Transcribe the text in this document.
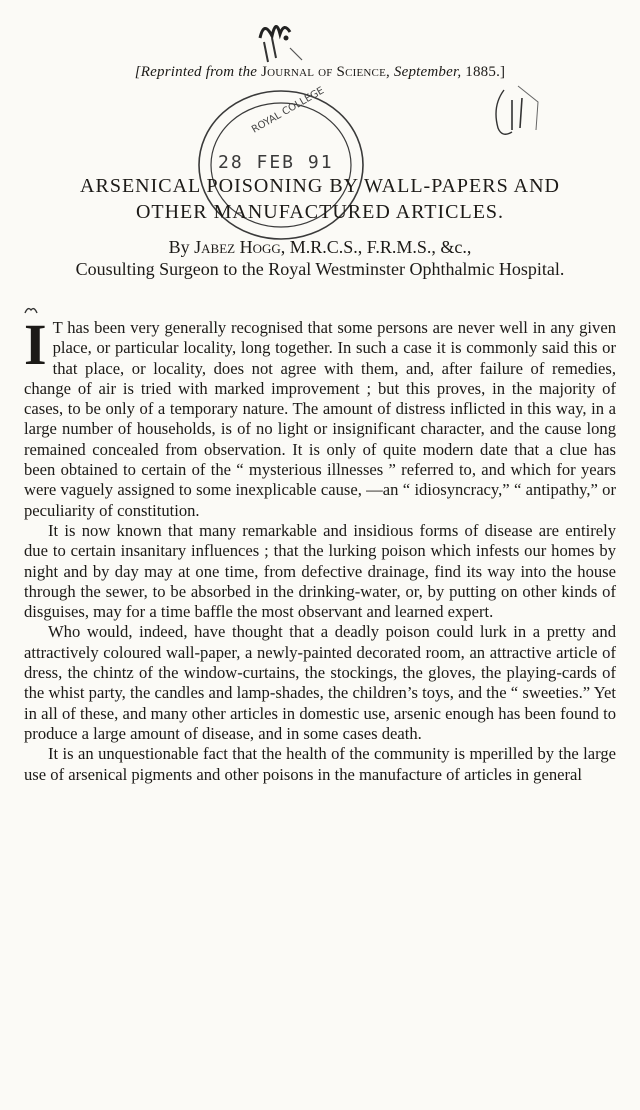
[Reprinted from the Journal of Science, September, 1885.]
ROYAL COLLEGE
28 FEB 91
ARSENICAL POISONING BY WALL-PAPERS AND
OTHER MANUFACTURED ARTICLES.
By Jabez Hogg, M.R.C.S., F.R.M.S., &c.,
Cousulting Surgeon to the Royal Westminster Ophthalmic Hospital.

I T has been very generally recognised that some persons are never well in any given place, or particular locality, long together. In such a case it is commonly said this or that place, or locality, does not agree with them, and, after failure of remedies, change of air is tried with marked improvement ; but this proves, in the majority of cases, to be only of a temporary nature. The amount of distress inflicted in this way, in a large number of households, is of no light or insignificant character, and the cause long remained concealed from observation. It is only of quite modern date that a clue has been obtained to certain of the “ mysterious illnesses ” referred to, and which for years were vaguely assigned to some inexplicable cause, —an “ idiosyncracy,” “ antipathy,” or peculiarity of constitution.

It is now known that many remarkable and insidious forms of disease are entirely due to certain insanitary influences ; that the lurking poison which infests our homes by night and by day may at one time, from defective drainage, find its way into the house through the sewer, to be absorbed in the drinking-water, or, by putting on other kinds of disguises, may for a time baffle the most observant and learned expert.

Who would, indeed, have thought that a deadly poison could lurk in a pretty and attractively coloured wall-paper, a newly-painted decorated room, an attractive article of dress, the chintz of the window-curtains, the stockings, the gloves, the playing-cards of the whist party, the candles and lamp-shades, the children’s toys, and the “ sweeties.” Yet in all of these, and many other articles in domestic use, arsenic enough has been found to produce a large amount of disease, and in some cases death.

It is an unquestionable fact that the health of the community is mperilled by the large use of arsenical pigments and other poisons in the manufacture of articles in general
